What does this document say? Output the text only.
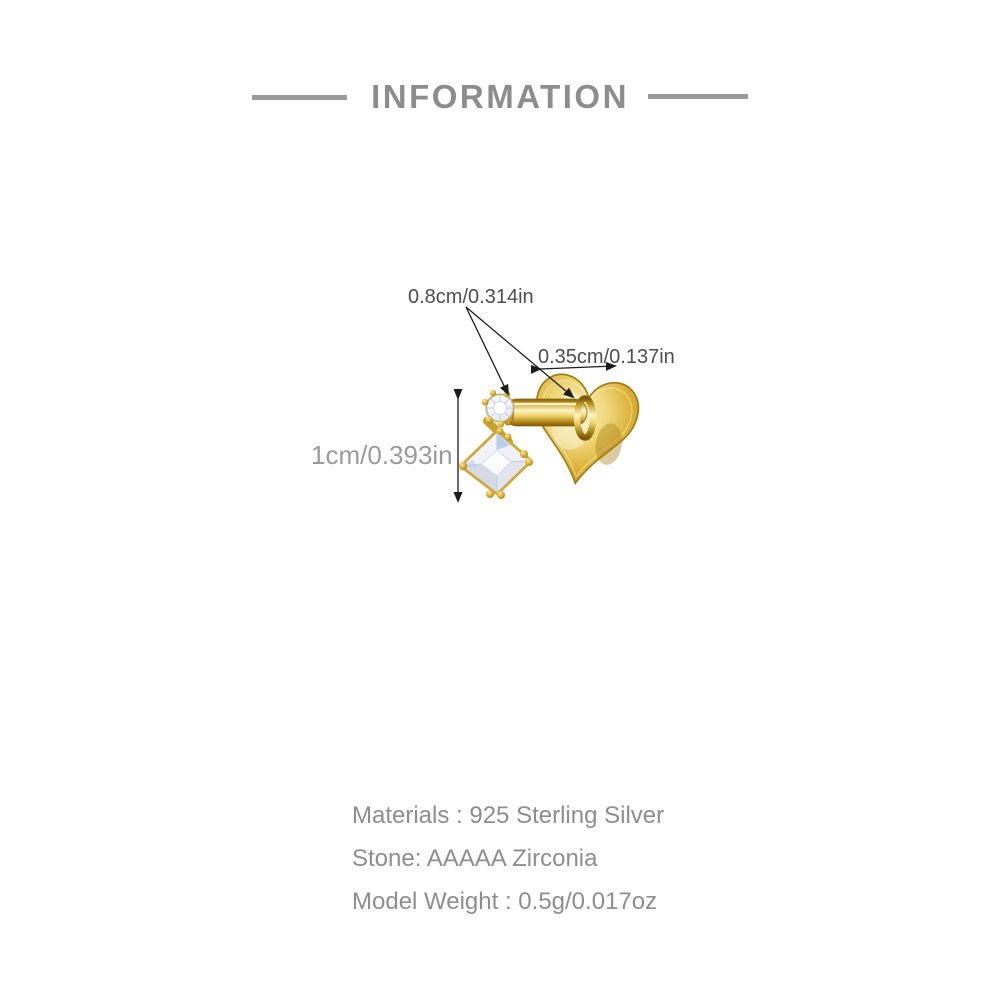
INFORMATION
0.8cm/0.314in
0.35cm/0.137in
1cm/0.393in
Materials : 925 Sterling Silver
Stone: AAAAA Zirconia
Model Weight : 0.5g/0.017oz
